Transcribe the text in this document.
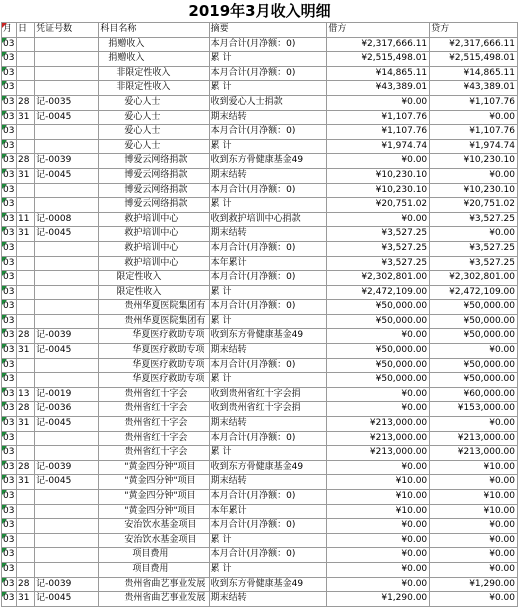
2019年3月收入明细
月	日	凭证号数	科目名称	摘要	借方	贷方

03			捐赠收入	本月合计(月净额：0)	¥2,317,666.11	¥2,317,666.11

03			捐赠收入	累 计	¥2,515,498.01	¥2,515,498.01

03			非限定性收入	本月合计(月净额：0)	¥14,865.11	¥14,865.11

03			非限定性收入	累 计	¥43,389.01	¥43,389.01

03	28	记-0035	爱心人士	收到爱心人士捐款	¥0.00	¥1,107.76

03	31	记-0045	爱心人士	期末结转	¥1,107.76	¥0.00

03			爱心人士	本月合计(月净额：0)	¥1,107.76	¥1,107.76

03			爱心人士	累 计	¥1,974.74	¥1,974.74

03	28	记-0039	博爱云网络捐款	收到东方骨健康基金49	¥0.00	¥10,230.10

03	31	记-0045	博爱云网络捐款	期末结转	¥10,230.10	¥0.00

03			博爱云网络捐款	本月合计(月净额：0)	¥10,230.10	¥10,230.10

03			博爱云网络捐款	累 计	¥20,751.02	¥20,751.02

03	11	记-0008	救护培训中心	收到救护培训中心捐款	¥0.00	¥3,527.25

03	31	记-0045	救护培训中心	期末结转	¥3,527.25	¥0.00

03			救护培训中心	本月合计(月净额：0)	¥3,527.25	¥3,527.25

03			救护培训中心	本年累计	¥3,527.25	¥3,527.25

03			限定性收入	本月合计(月净额：0)	¥2,302,801.00	¥2,302,801.00

03			限定性收入	累 计	¥2,472,109.00	¥2,472,109.00

03			贵州华夏医院集团有	本月合计(月净额：0)	¥50,000.00	¥50,000.00

03			贵州华夏医院集团有	累 计	¥50,000.00	¥50,000.00

03	28	记-0039	华夏医疗救助专项	收到东方骨健康基金49	¥0.00	¥50,000.00

03	31	记-0045	华夏医疗救助专项	期末结转	¥50,000.00	¥0.00

03			华夏医疗救助专项	本月合计(月净额：0)	¥50,000.00	¥50,000.00

03			华夏医疗救助专项	累 计	¥50,000.00	¥50,000.00

03	13	记-0019	贵州省红十字会	收到贵州省红十字会捐	¥0.00	¥60,000.00

03	28	记-0036	贵州省红十字会	收到贵州省红十字会捐	¥0.00	¥153,000.00

03	31	记-0045	贵州省红十字会	期末结转	¥213,000.00	¥0.00

03			贵州省红十字会	本月合计(月净额：0)	¥213,000.00	¥213,000.00

03			贵州省红十字会	累 计	¥213,000.00	¥213,000.00

03	28	记-0039	"黄金四分钟"项目	收到东方骨健康基金49	¥0.00	¥10.00

03	31	记-0045	"黄金四分钟"项目	期末结转	¥10.00	¥0.00

03			"黄金四分钟"项目	本月合计(月净额：0)	¥10.00	¥10.00

03			"黄金四分钟"项目	本年累计	¥10.00	¥10.00

03			安治饮水基金项目	本月合计(月净额：0)	¥0.00	¥0.00

03			安治饮水基金项目	累 计	¥0.00	¥0.00

03			项目费用	本月合计(月净额：0)	¥0.00	¥0.00

03			项目费用	累 计	¥0.00	¥0.00

03	28	记-0039	贵州省曲艺事业发展	收到东方骨健康基金49	¥0.00	¥1,290.00

03	31	记-0045	贵州省曲艺事业发展	期末结转	¥1,290.00	¥0.00
